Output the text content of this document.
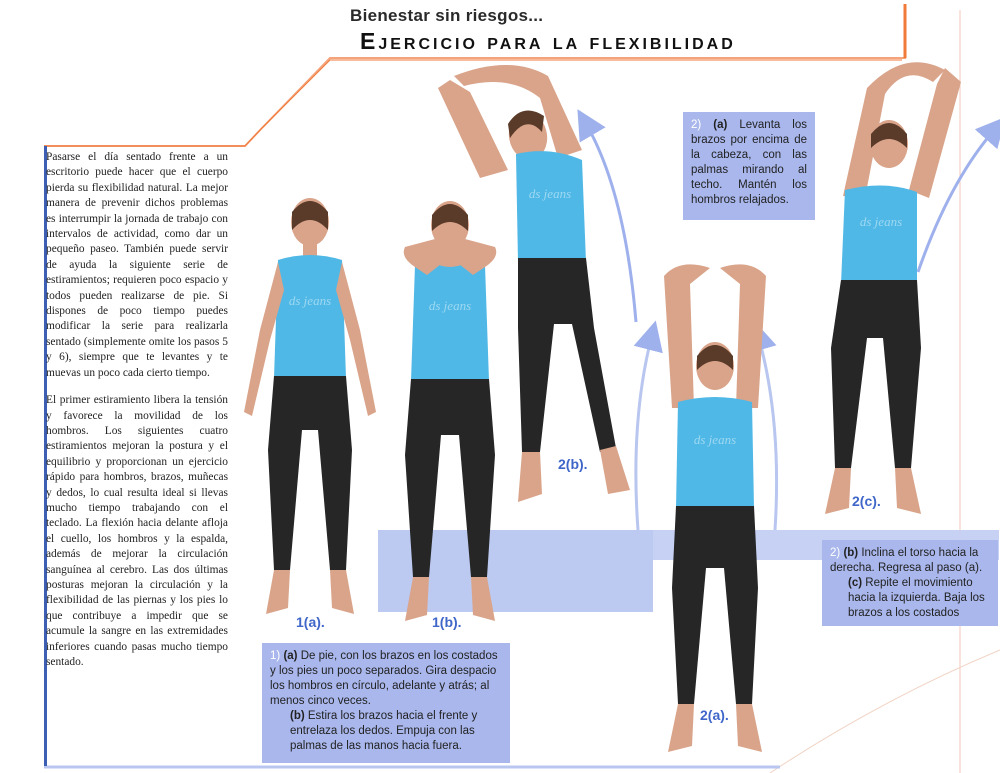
Bienestar sin riesgos...
Ejercicio para la flexibilidad

Pasarse el día sentado frente a un escritorio puede hacer que el cuerpo pierda su flexibilidad natural. La mejor manera de prevenir dichos problemas es interrumpir la jornada de trabajo con intervalos de actividad, como dar un pequeño paseo. También puede servir de ayuda la siguiente serie de estiramientos; requieren poco espacio y todos pueden realizarse de pie. Si dispones de poco tiempo puedes modificar la serie para realizarla sentado (simplemente omite los pasos 5 y 6), siempre que te levantes y te muevas un poco cada cierto tiempo.

El primer estiramiento libera la tensión y favorece la movilidad de los hombros. Los siguientes cuatro estiramientos mejoran la postura y el equilibrio y proporcionan un ejercicio rápido para hombros, brazos, muñecas y dedos, lo cual resulta ideal si llevas mucho tiempo trabajando con el teclado. La flexión hacia delante afloja el cuello, los hombros y la espalda, además de mejorar la circulación sanguínea al cerebro. Las dos últimas posturas mejoran la circulación y la flexibilidad de las piernas y los pies lo que contribuye a impedir que se acumule la sangre en las extremidades inferiores cuando pasas mucho tiempo sentado.

ds jeans	ds jeans
ds jeans
ds jeans
ds jeans
1(a).	1(b).
2(b).
2(a).
2(c).
1) (a) De pie, con los brazos en los costados y los pies un poco separados. Gira despacio los hombros en círculo, adelante y atrás; al menos cinco veces.
(b) Estira los brazos hacia el frente y entrelaza los dedos. Empuja con las palmas de las manos hacia fuera.
2) (a) Levanta los brazos por encima de la cabeza, con las palmas mirando al techo. Mantén los hombros relajados.
2) (b) Inclina el torso hacia la derecha. Regresa al paso (a).
(c) Repite el movimiento hacia la izquierda. Baja los brazos a los costados
